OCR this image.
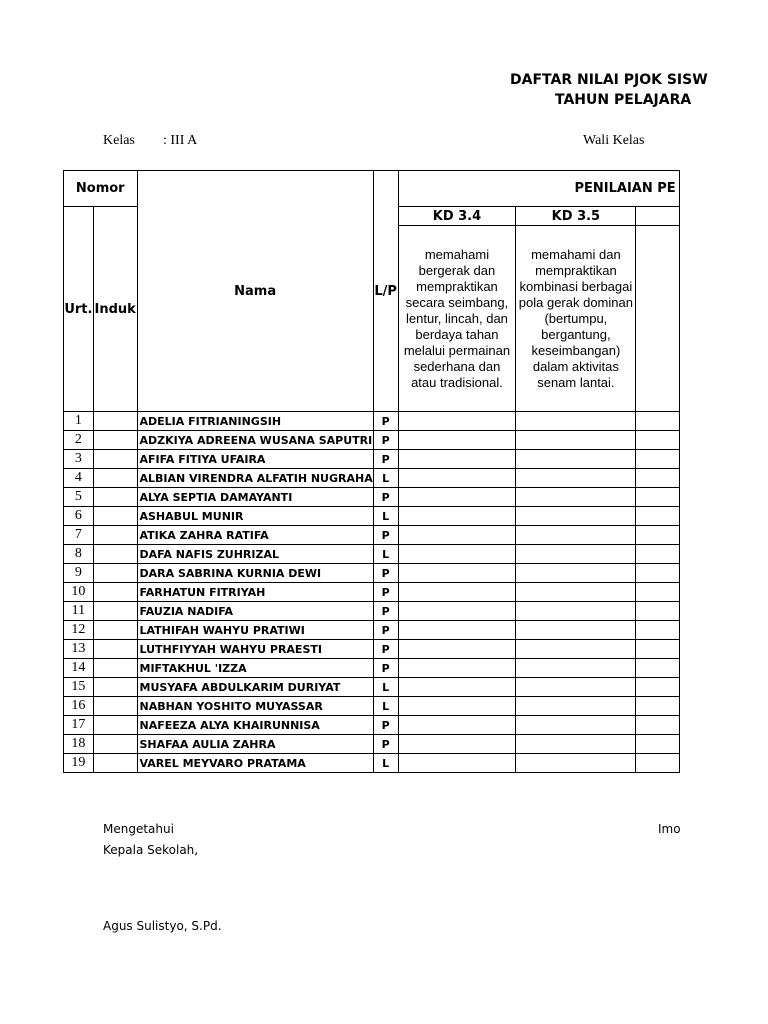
DAFTAR NILAI PJOK SISW
TAHUN PELAJARA
Kelas : III A	Wali Kelas
Nomor		Nama	L/P	PENILAIAN PE		
Urt.	Induk			KD 3.4	KD 3.5	
				memahami bergerak dan mempraktikan secara seimbang, lentur, lincah, dan berdaya tahan melalui permainan sederhana dan atau tradisional.	memahami dan mempraktikan kombinasi berbagai pola gerak dominan (bertumpu, bergantung, keseimbangan) dalam aktivitas senam lantai.	
1		ADELIA FITRIANINGSIH	P			
2		ADZKIYA ADREENA WUSANA SAPUTRI	P			
3		AFIFA FITIYA UFAIRA	P			
4		ALBIAN VIRENDRA ALFATIH NUGRAHA	L			
5		ALYA SEPTIA DAMAYANTI	P			
6		ASHABUL MUNIR	L			
7		ATIKA ZAHRA RATIFA	P			
8		DAFA NAFIS ZUHRIZAL	L			
9		DARA SABRINA KURNIA DEWI	P			
10		FARHATUN FITRIYAH	P			
11		FAUZIA NADIFA	P			
12		LATHIFAH WAHYU PRATIWI	P			
13		LUTHFIYYAH WAHYU PRAESTI	P			
14		MIFTAKHUL 'IZZA	P			
15		MUSYAFA ABDULKARIM DURIYAT	L			
16		NABHAN YOSHITO MUYASSAR	L			
17		NAFEEZA ALYA KHAIRUNNISA	P			
18		SHAFAA AULIA ZAHRA	P			
19		VAREL MEYVARO PRATAMA	L			
Mengetahui
Kepala Sekolah,
Agus Sulistyo, S.Pd.
Imo
